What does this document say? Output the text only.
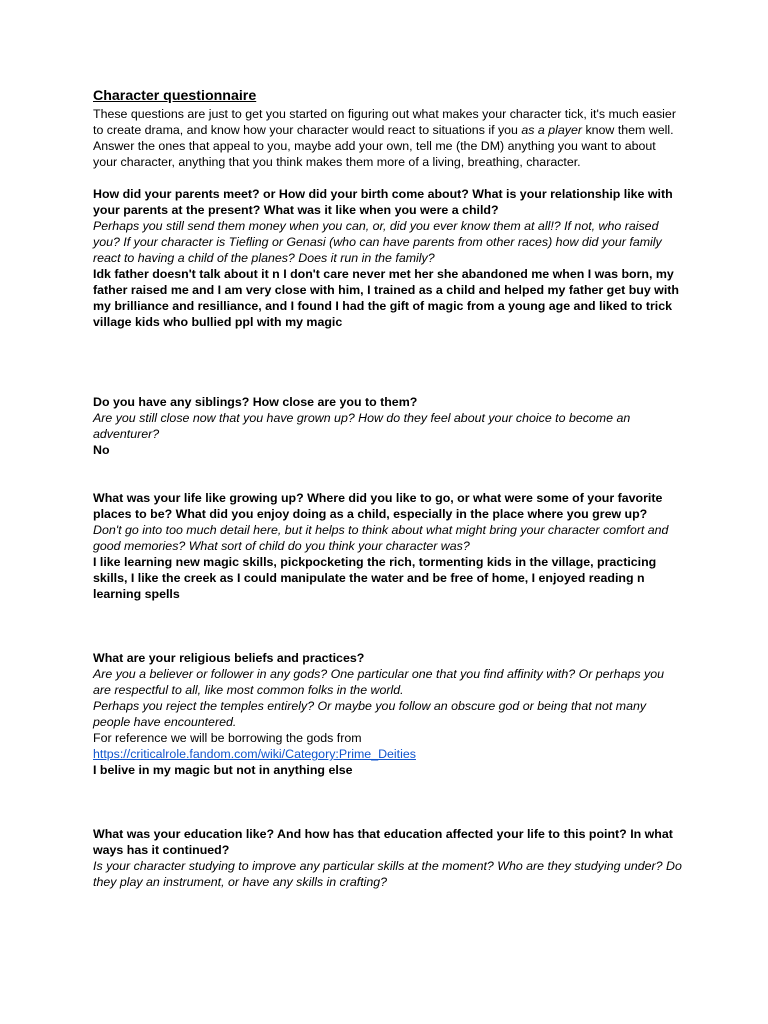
Character questionnaire

These questions are just to get you started on figuring out what makes your character tick, it's much easier to create drama, and know how your character would react to situations if you as a player know them well.

Answer the ones that appeal to you, maybe add your own, tell me (the DM) anything you want to about your character, anything that you think makes them more of a living, breathing, character.

How did your parents meet? or How did your birth come about? What is your relationship like with your parents at the present? What was it like when you were a child?

Perhaps you still send them money when you can, or, did you ever know them at all!? If not, who raised you? If your character is Tiefling or Genasi (who can have parents from other races) how did your family react to having a child of the planes? Does it run in the family?

Idk father doesn't talk about it n I don't care never met her she abandoned me when I was born, my father raised me and I am very close with him, I trained as a child and helped my father get buy with my brilliance and resilliance, and I found I had the gift of magic from a young age and liked to trick village kids who bullied ppl with my magic

Do you have any siblings? How close are you to them?

Are you still close now that you have grown up? How do they feel about your choice to become an adventurer?

No

What was your life like growing up? Where did you like to go, or what were some of your favorite places to be? What did you enjoy doing as a child, especially in the place where you grew up?

Don't go into too much detail here, but it helps to think about what might bring your character comfort and good memories? What sort of child do you think your character was?

I like learning new magic skills, pickpocketing the rich, tormenting kids in the village, practicing skills, I like the creek as I could manipulate the water and be free of home, I enjoyed reading n learning spells

What are your religious beliefs and practices?

Are you a believer or follower in any gods? One particular one that you find affinity with? Or perhaps you are respectful to all, like most common folks in the world.

Perhaps you reject the temples entirely? Or maybe you follow an obscure god or being that not many people have encountered.

For reference we will be borrowing the gods from

https://criticalrole.fandom.com/wiki/Category:Prime_Deities

I belive in my magic but not in anything else

What was your education like? And how has that education affected your life to this point? In what ways has it continued?

Is your character studying to improve any particular skills at the moment? Who are they studying under? Do they play an instrument, or have any skills in crafting?
